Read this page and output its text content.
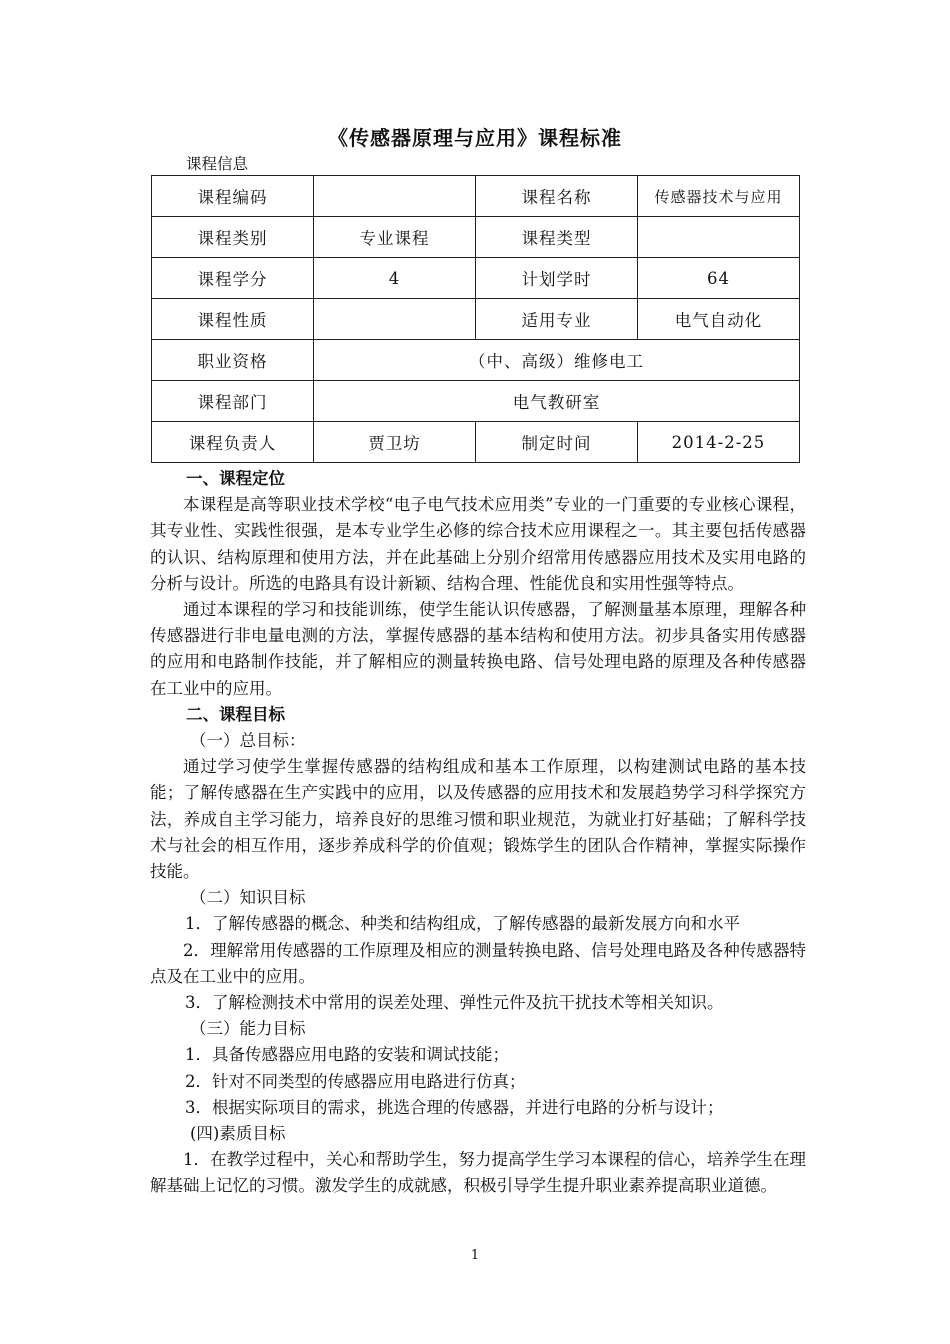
《传感器原理与应用》课程标准
课程信息
课程编码		课程名称	传感器技术与应用
课程类别	专业课程	课程类型	
课程学分	4	计划学时	64
课程性质		适用专业	电气自动化
职业资格	（中、高级）维修电工		
课程部门	电气教研室		
课程负责人	贾卫坊	制定时间	2014-2-25

一、课程定位

本课程是高等职业技术学校“电子电气技术应用类”专业的一门重要的专业核心课程，其专业性、实践性很强，是本专业学生必修的综合技术应用课程之一。其主要包括传感器的认识、结构原理和使用方法，并在此基础上分别介绍常用传感器应用技术及实用电路的分析与设计。所选的电路具有设计新颖、结构合理、性能优良和实用性强等特点。

通过本课程的学习和技能训练，使学生能认识传感器，了解测量基本原理，理解各种传感器进行非电量电测的方法，掌握传感器的基本结构和使用方法。初步具备实用传感器的应用和电路制作技能，并了解相应的测量转换电路、信号处理电路的原理及各种传感器在工业中的应用。

二、课程目标

（一）总目标：

通过学习使学生掌握传感器的结构组成和基本工作原理，以构建测试电路的基本技能；了解传感器在生产实践中的应用，以及传感器的应用技术和发展趋势学习科学探究方法，养成自主学习能力，培养良好的思维习惯和职业规范，为就业打好基础；了解科学技术与社会的相互作用，逐步养成科学的价值观；锻炼学生的团队合作精神，掌握实际操作技能。

（二）知识目标

1．了解传感器的概念、种类和结构组成，了解传感器的最新发展方向和水平

2．理解常用传感器的工作原理及相应的测量转换电路、信号处理电路及各种传感器特点及在工业中的应用。

3．了解检测技术中常用的误差处理、弹性元件及抗干扰技术等相关知识。

（三）能力目标

1．具备传感器应用电路的安装和调试技能；

2．针对不同类型的传感器应用电路进行仿真；

3．根据实际项目的需求，挑选合理的传感器，并进行电路的分析与设计；

(四)素质目标

1．在教学过程中，关心和帮助学生，努力提高学生学习本课程的信心，培养学生在理解基础上记忆的习惯。激发学生的成就感，积极引导学生提升职业素养提高职业道德。

1
